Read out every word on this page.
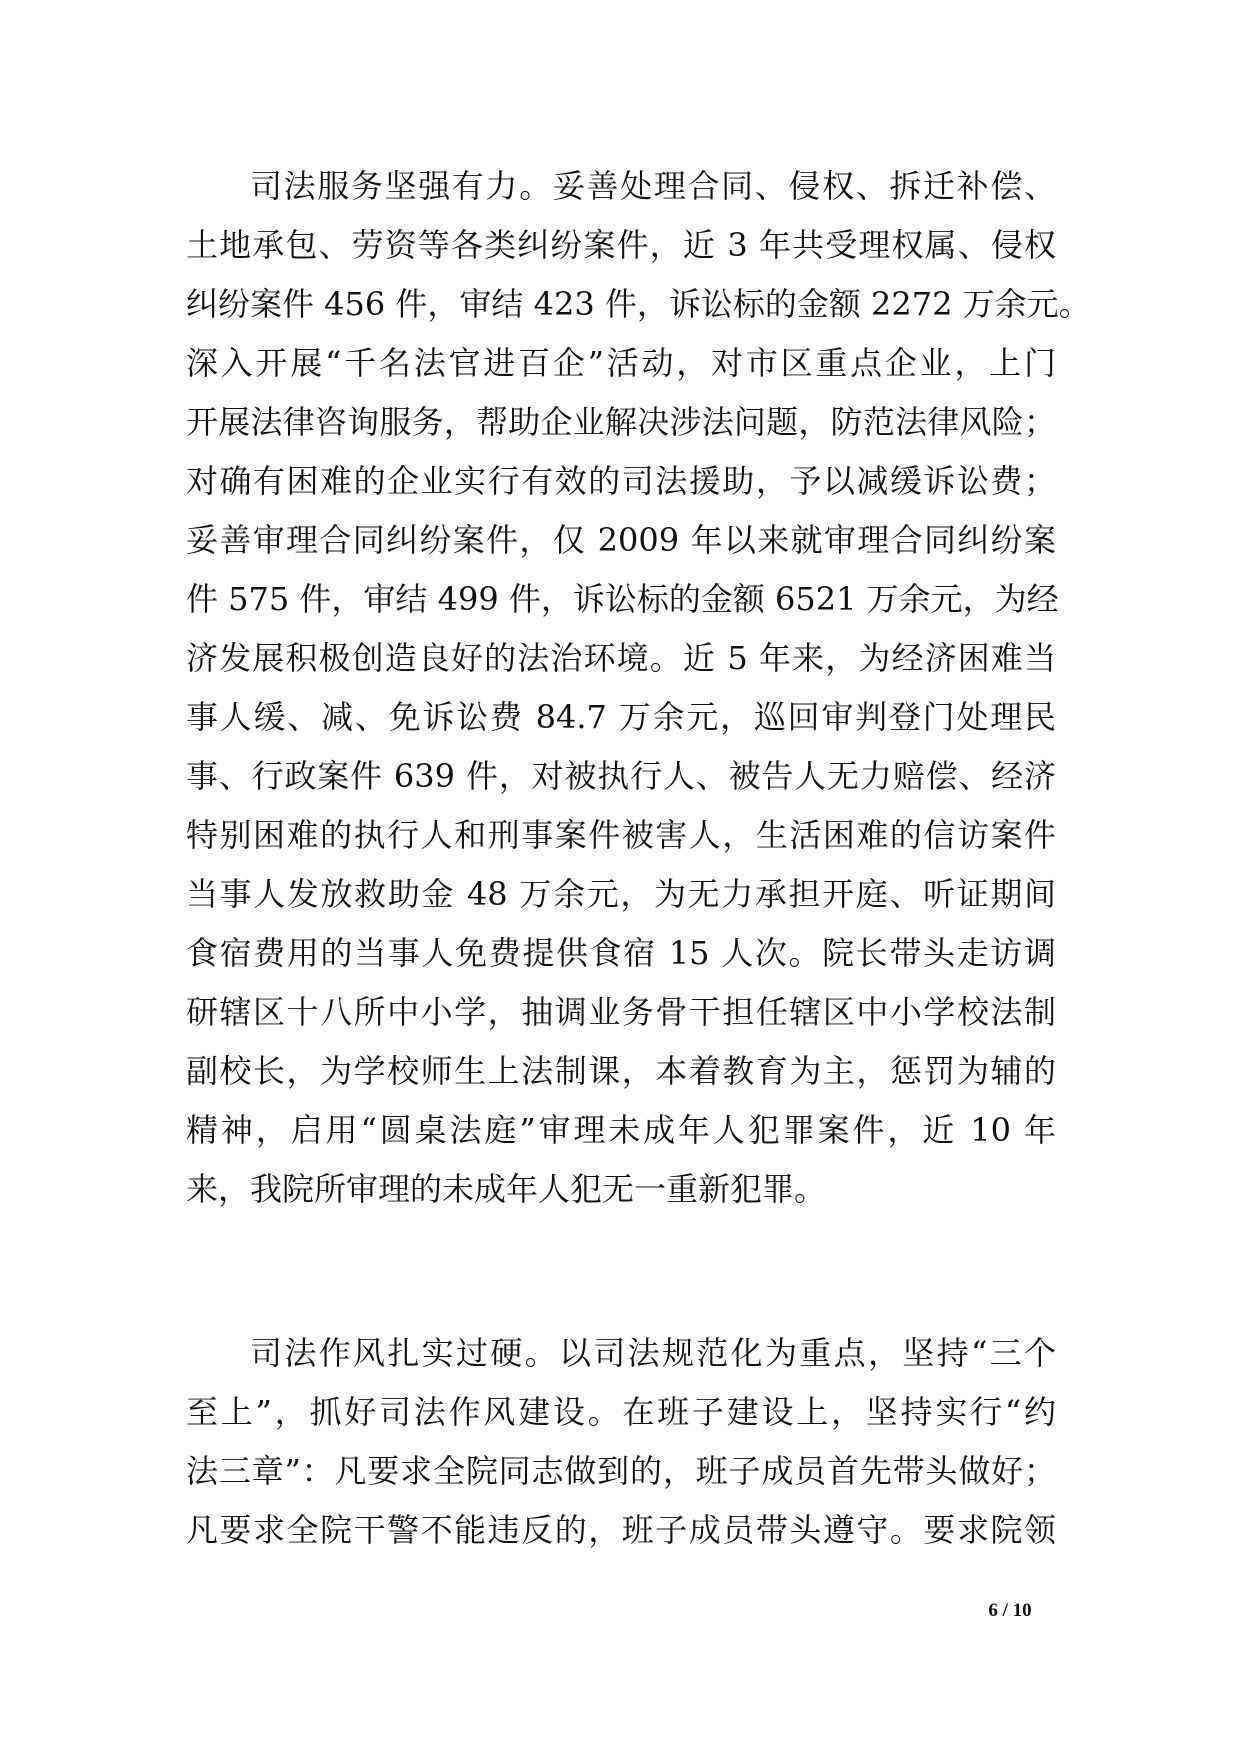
司法服务坚强有力。妥善处理合同、侵权、拆迁补偿、
土地承包、劳资等各类纠纷案件，近 3 年共受理权属、侵权
纠纷案件 456 件，审结 423 件，诉讼标的金额 2272 万余元。
深入开展“千名法官进百企”活动，对市区重点企业，上门
开展法律咨询服务，帮助企业解决涉法问题，防范法律风险；
对确有困难的企业实行有效的司法援助，予以减缓诉讼费；
妥善审理合同纠纷案件，仅 2009 年以来就审理合同纠纷案
件 575 件，审结 499 件，诉讼标的金额 6521 万余元，为经
济发展积极创造良好的法治环境。近 5 年来，为经济困难当
事人缓、减、免诉讼费 84.7 万余元，巡回审判登门处理民
事、行政案件 639 件，对被执行人、被告人无力赔偿、经济
特别困难的执行人和刑事案件被害人，生活困难的信访案件
当事人发放救助金 48 万余元，为无力承担开庭、听证期间
食宿费用的当事人免费提供食宿 15 人次。院长带头走访调
研辖区十八所中小学，抽调业务骨干担任辖区中小学校法制
副校长，为学校师生上法制课，本着教育为主，惩罚为辅的
精神，启用“圆桌法庭”审理未成年人犯罪案件，近 10 年
来，我院所审理的未成年人犯无一重新犯罪。
司法作风扎实过硬。以司法规范化为重点，坚持“三个
至上”，抓好司法作风建设。在班子建设上，坚持实行“约
法三章”：凡要求全院同志做到的，班子成员首先带头做好；
凡要求全院干警不能违反的，班子成员带头遵守。要求院领
6 / 10
